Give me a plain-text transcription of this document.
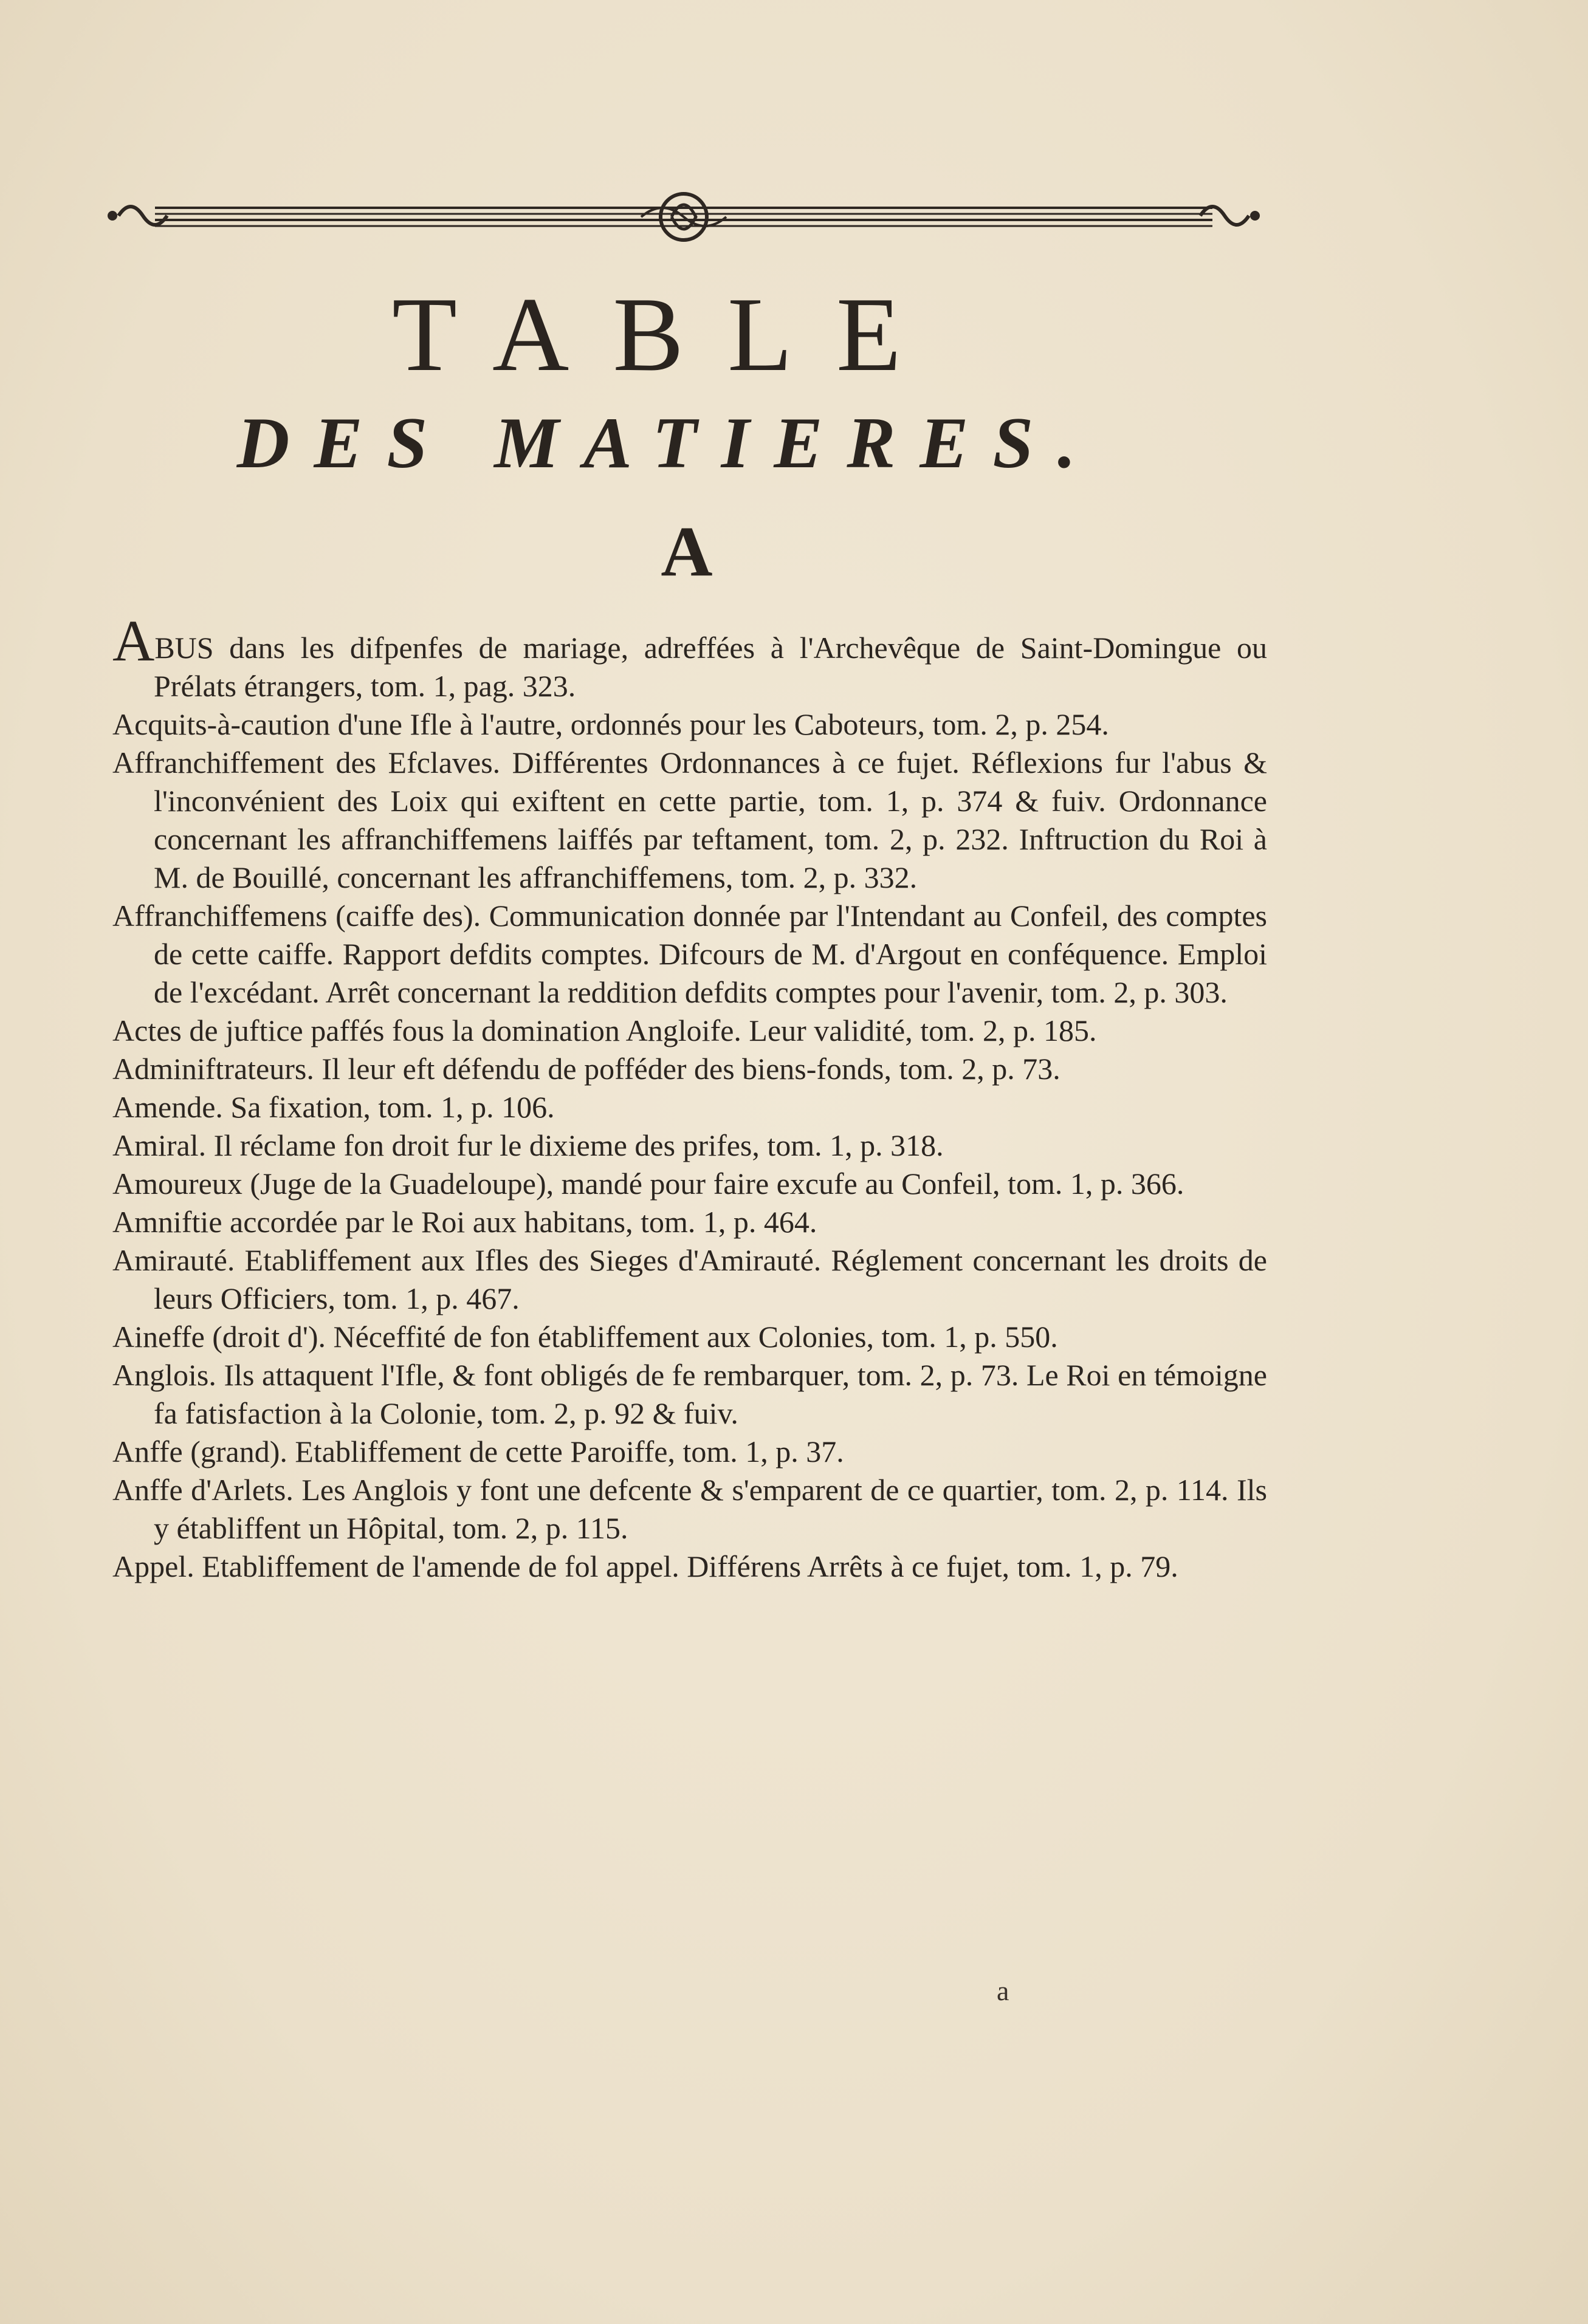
TABLE
DES MATIERES.
A

ABUS dans les difpenfes de mariage, adreffées à l'Archevêque de Saint-Domingue ou Prélats étrangers, tom. 1, pag. 323.

Acquits-à-caution d'une Ifle à l'autre, ordonnés pour les Caboteurs, tom. 2, p. 254.

Affranchiffement des Efclaves. Différentes Ordonnances à ce fujet. Réflexions fur l'abus & l'inconvénient des Loix qui exiftent en cette partie, tom. 1, p. 374 & fuiv. Ordonnance concernant les affranchiffemens laiffés par teftament, tom. 2, p. 232. Inftruction du Roi à M. de Bouillé, concernant les affranchiffemens, tom. 2, p. 332.

Affranchiffemens (caiffe des). Communication donnée par l'Intendant au Confeil, des comptes de cette caiffe. Rapport defdits comptes. Difcours de M. d'Argout en conféquence. Emploi de l'excédant. Arrêt concernant la reddition defdits comptes pour l'avenir, tom. 2, p. 303.

Actes de juftice paffés fous la domination Angloife. Leur validité, tom. 2, p. 185.

Adminiftrateurs. Il leur eft défendu de pofféder des biens-fonds, tom. 2, p. 73.

Amende. Sa fixation, tom. 1, p. 106.

Amiral. Il réclame fon droit fur le dixieme des prifes, tom. 1, p. 318.

Amoureux (Juge de la Guadeloupe), mandé pour faire excufe au Confeil, tom. 1, p. 366.

Amniftie accordée par le Roi aux habitans, tom. 1, p. 464.

Amirauté. Etabliffement aux Ifles des Sieges d'Amirauté. Réglement concernant les droits de leurs Officiers, tom. 1, p. 467.

Aineffe (droit d'). Néceffité de fon établiffement aux Colonies, tom. 1, p. 550.

Anglois. Ils attaquent l'Ifle, & font obligés de fe rembarquer, tom. 2, p. 73. Le Roi en témoigne fa fatisfaction à la Colonie, tom. 2, p. 92 & fuiv.

Anffe (grand). Etabliffement de cette Paroiffe, tom. 1, p. 37.

Anffe d'Arlets. Les Anglois y font une defcente & s'emparent de ce quartier, tom. 2, p. 114. Ils y établiffent un Hôpital, tom. 2, p. 115.

Appel. Etabliffement de l'amende de fol appel. Différens Arrêts à ce fujet, tom. 1, p. 79.

a
